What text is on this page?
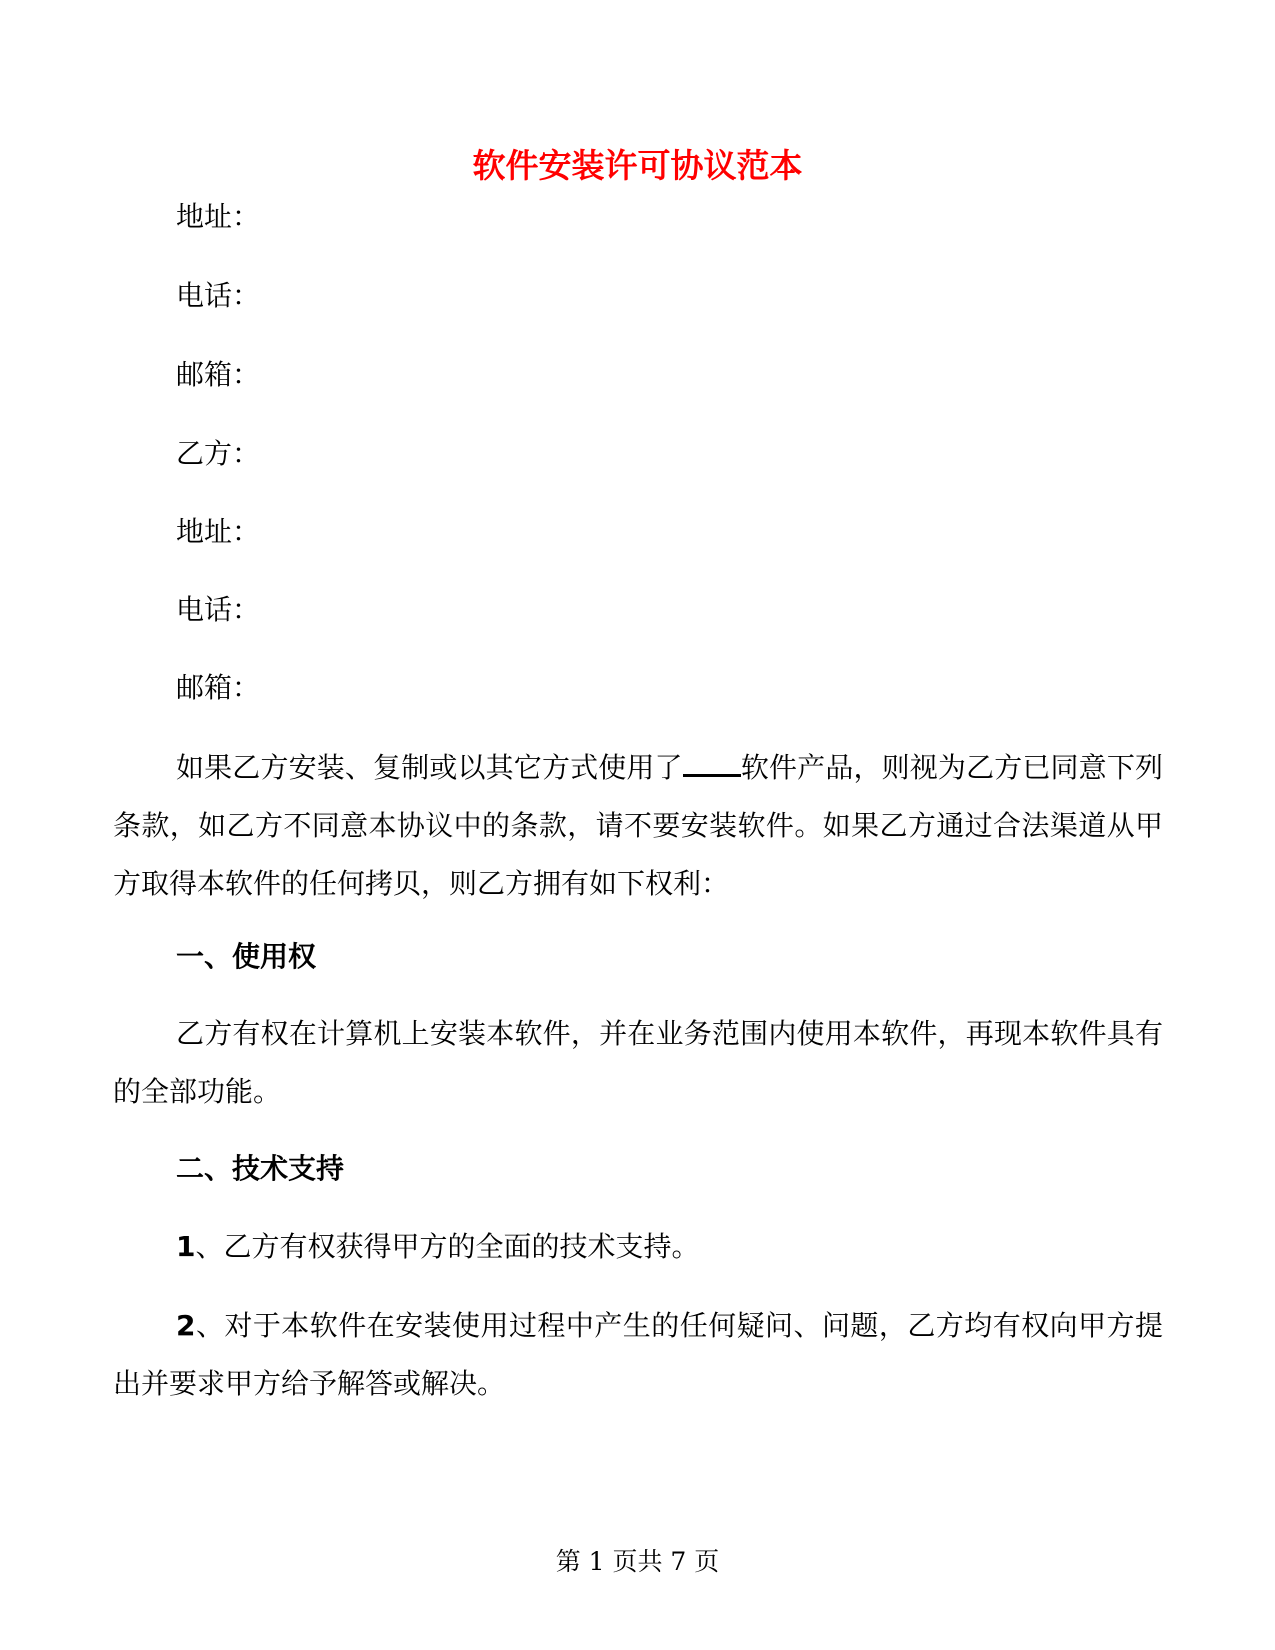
软件安装许可协议范本
地址：
电话：
邮箱：
乙方：
地址：
电话：
邮箱：
如果乙方安装、复制或以其它方式使用了 软件产品，则视为乙方已同意下列条款，如乙方不同意本协议中的条款，请不要安装软件。如果乙方通过合法渠道从甲方取得本软件的任何拷贝，则乙方拥有如下权利：
一、使用权
乙方有权在计算机上安装本软件，并在业务范围内使用本软件，再现本软件具有的全部功能。
二、技术支持
1、乙方有权获得甲方的全面的技术支持。
2、对于本软件在安装使用过程中产生的任何疑问、问题，乙方均有权向甲方提出并要求甲方给予解答或解决。
第 1 页共 7 页
